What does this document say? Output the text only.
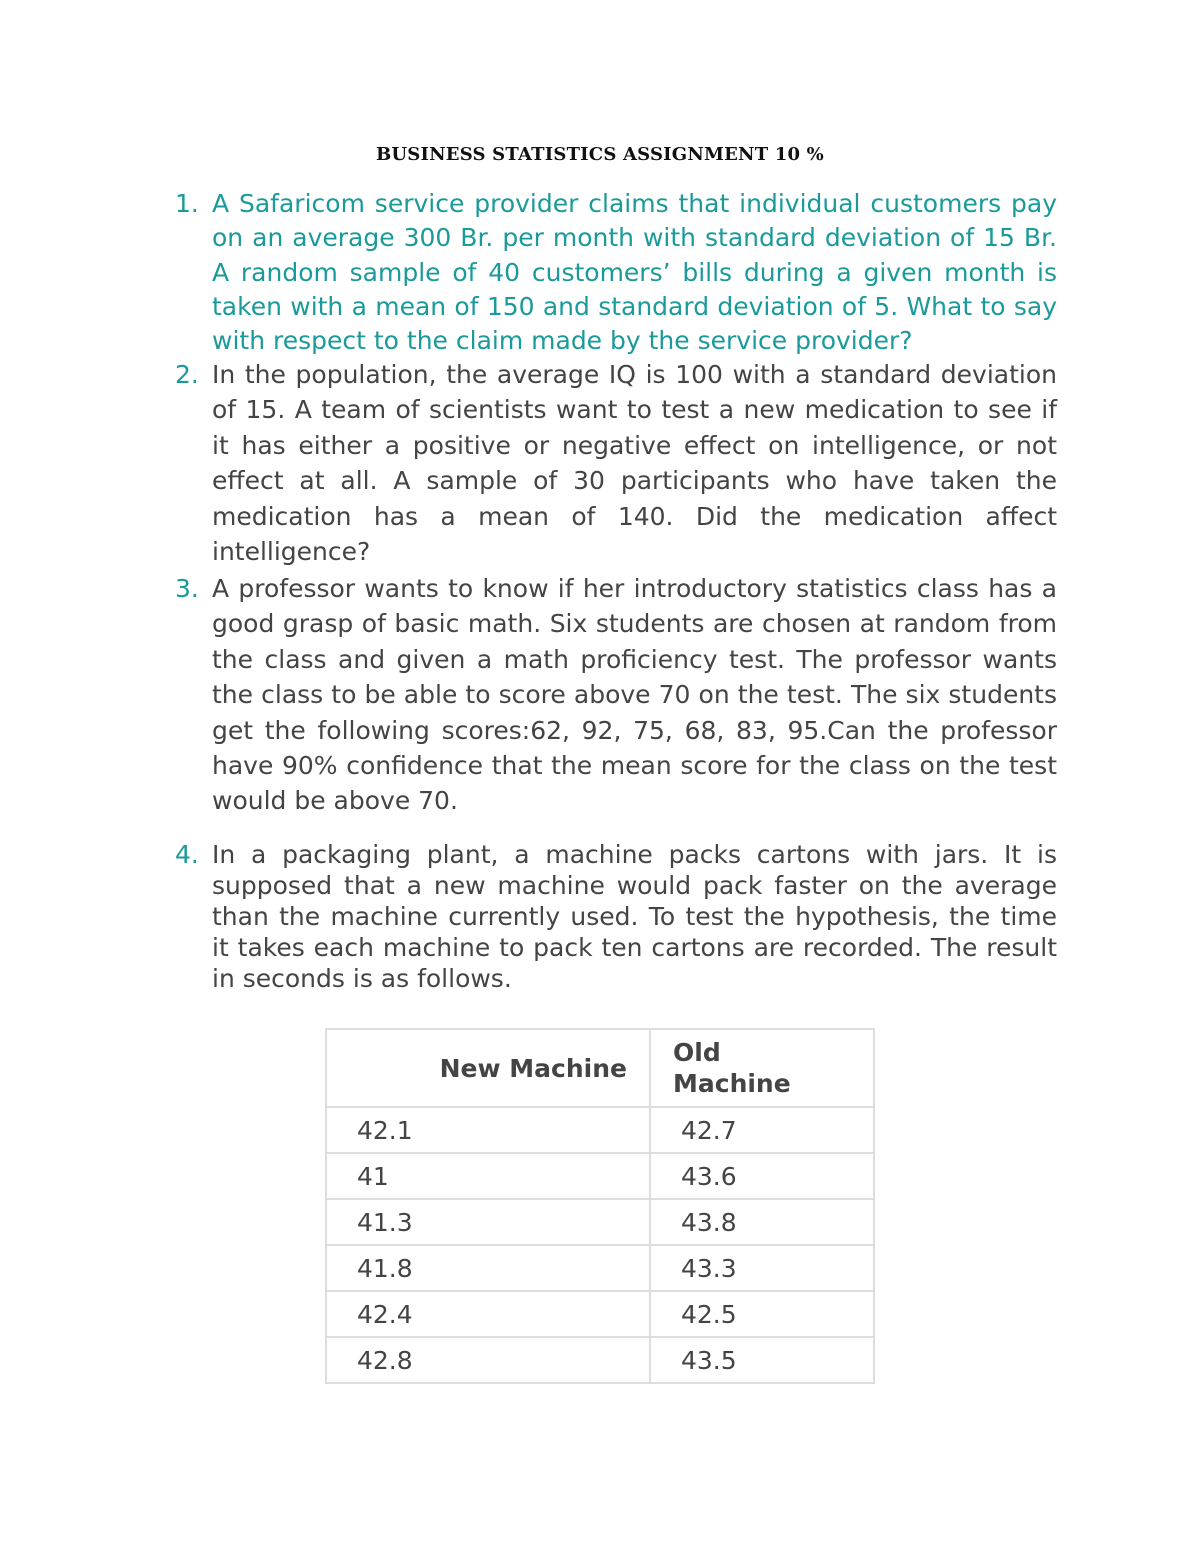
BUSINESS STATISTICS ASSIGNMENT 10 %
1. A Safaricom service provider claims that individual customers pay on an average 300 Br. per month with standard deviation of 15 Br. A random sample of 40 customers’ bills during a given month is taken with a mean of 150 and standard deviation of 5. What to say with respect to the claim made by the service provider?
2. In the population, the average IQ is 100 with a standard deviation of 15. A team of scientists want to test a new medication to see if it has either a positive or negative effect on intelligence, or not effect at all. A sample of 30 participants who have taken the medication has a mean of 140. Did the medication affect intelligence?
3. A professor wants to know if her introductory statistics class has a good grasp of basic math. Six students are chosen at random from the class and given a math proficiency test. The professor wants the class to be able to score above 70 on the test. The six students get the following scores:62, 92, 75, 68, 83, 95.Can the professor have 90% confidence that the mean score for the class on the test would be above 70.
4. In a packaging plant, a machine packs cartons with jars. It is supposed that a new machine would pack faster on the average than the machine currently used. To test the hypothesis, the time it takes each machine to pack ten cartons are recorded. The result in seconds is as follows.
New Machine	Old Machine
42.1	42.7
41	43.6
41.3	43.8
41.8	43.3
42.4	42.5
42.8	43.5
